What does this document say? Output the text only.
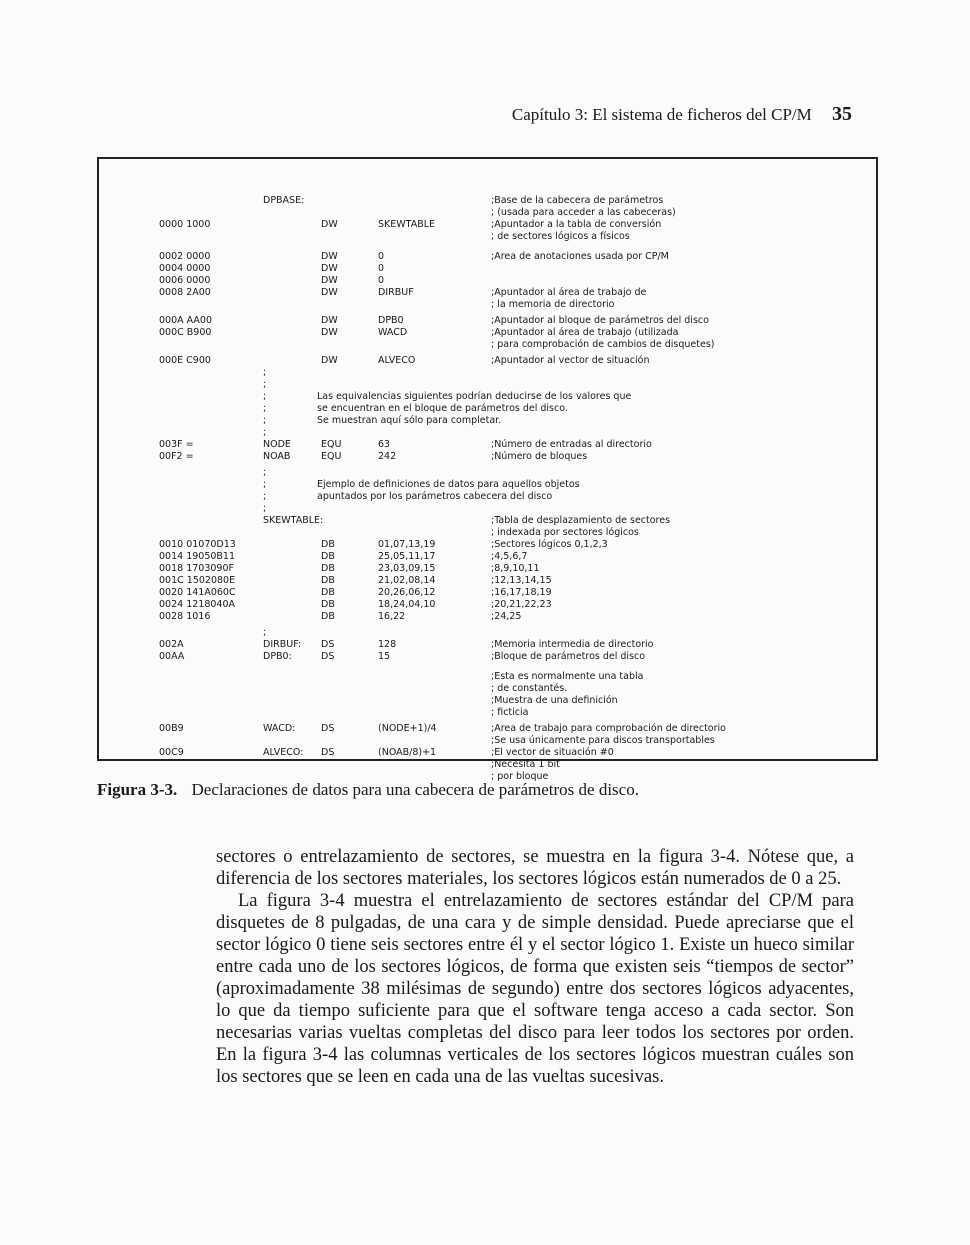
Capítulo 3: El sistema de ficheros del CP/M 35
DPBASE:	;Base de la cabecera de parámetros
; (usada para acceder a las cabeceras)
0000 1000	DW	SKEWTABLE	;Apuntador a la tabla de conversión
; de sectores lógicos a físicos
0002 0000	DW	0	;Area de anotaciones usada por CP/M
0004 0000	DW	0
0006 0000	DW	0
0008 2A00	DW	DIRBUF	;Apuntador al área de trabajo de
; la memoria de directorio
000A AA00	DW	DPB0	;Apuntador al bloque de parámetros del disco
000C B900	DW	WACD	;Apuntador al área de trabajo (utilizada
; para comprobación de cambios de disquetes)
000E C900	DW	ALVECO	;Apuntador al vector de situación
;
;
;	Las equivalencias siguientes podrían deducirse de los valores que
;	se encuentran en el bloque de parámetros del disco.
;	Se muestran aquí sólo para completar.
;
003F =	NODE	EQU	63	;Número de entradas al directorio
00F2 =	NOAB	EQU	242	;Número de bloques
;
;	Ejemplo de definiciones de datos para aquellos objetos
;	apuntados por los parámetros cabecera del disco
;
SKEWTABLE:	;Tabla de desplazamiento de sectores
; indexada por sectores lógicos
0010 01070D13	DB	01,07,13,19	;Sectores lógicos 0,1,2,3
0014 19050B11	DB	25,05,11,17	;4,5,6,7
0018 1703090F	DB	23,03,09,15	;8,9,10,11
001C 1502080E	DB	21,02,08,14	;12,13,14,15
0020 141A060C	DB	20,26,06,12	;16,17,18,19
0024 1218040A	DB	18,24,04,10	;20,21,22,23
0028 1016	DB	16,22	;24,25
;
002A	DIRBUF: DS	128	;Memoria intermedia de directorio
00AA	DPB0:	DS	15	;Bloque de parámetros del disco
;Esta es normalmente una tabla
; de constantés.
;Muestra de una definición
; ficticia
00B9	WACD:	DS	(NODE+1)/4	;Area de trabajo para comprobación de directorio
;Se usa únicamente para discos transportables
00C9	ALVECO: DS	(NOAB/8)+1	;El vector de situación #0
;Necesita 1 bit
; por bloque
Figura 3-3. Declaraciones de datos para una cabecera de parámetros de disco.

sectores o entrelazamiento de sectores, se muestra en la figura 3-4. Nótese que, a diferencia de los sectores materiales, los sectores lógicos están numerados de 0 a 25.

La figura 3-4 muestra el entrelazamiento de sectores estándar del CP/M para disquetes de 8 pulgadas, de una cara y de simple densidad. Puede apreciarse que el sector lógico 0 tiene seis sectores entre él y el sector lógico 1. Existe un hueco similar entre cada uno de los sectores lógicos, de forma que existen seis “tiempos de sector” (aproximadamente 38 milésimas de segundo) entre dos sectores lógicos adyacentes, lo que da tiempo suficiente para que el software tenga acceso a cada sector. Son necesarias varias vueltas completas del disco para leer todos los sectores por orden. En la figura 3-4 las columnas verticales de los sectores lógicos muestran cuáles son los sectores que se leen en cada una de las vueltas sucesivas.
